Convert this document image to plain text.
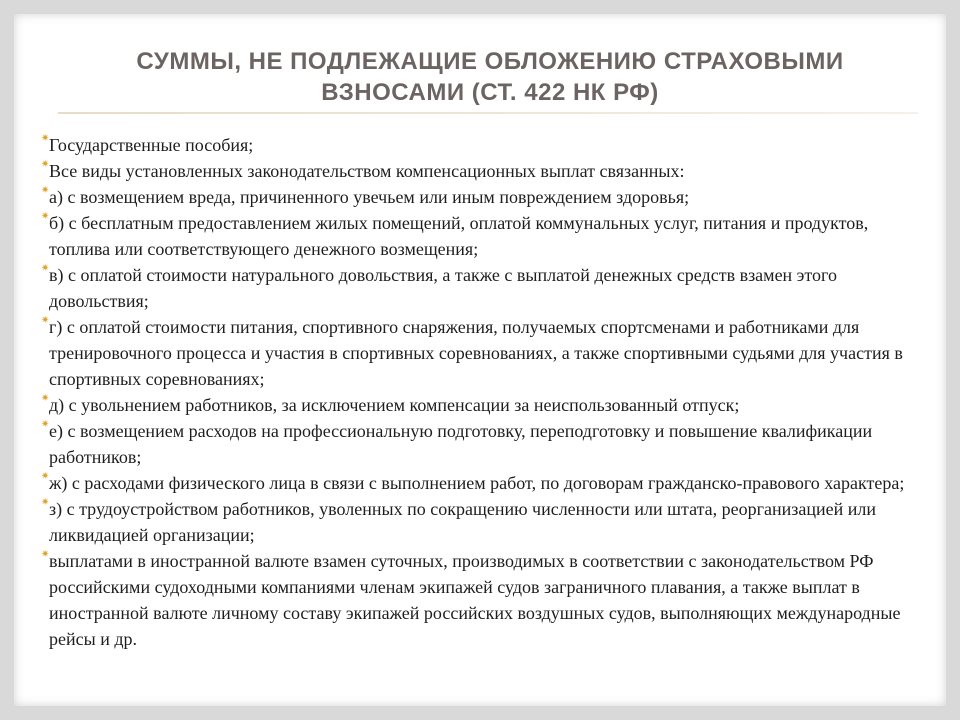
СУММЫ, НЕ ПОДЛЕЖАЩИЕ ОБЛОЖЕНИЮ СТРАХОВЫМИ
ВЗНОСАМИ (СТ. 422 НК РФ)
✷ Государственные пособия;
✷ Все виды установленных законодательством компенсационных выплат связанных:
✷ а) с возмещением вреда, причиненного увечьем или иным повреждением здоровья;
✷ б) с бесплатным предоставлением жилых помещений, оплатой коммунальных услуг, питания и продуктов, топлива или соответствующего денежного возмещения;
✷ в) с оплатой стоимости натурального довольствия, а также с выплатой денежных средств взамен этого довольствия;
✷ г) с оплатой стоимости питания, спортивного снаряжения, получаемых спортсменами и работниками для тренировочного процесса и участия в спортивных соревнованиях, а также спортивными судьями для участия в спортивных соревнованиях;
✷ д) с увольнением работников, за исключением компенсации за неиспользованный отпуск;
✷ е) с возмещением расходов на профессиональную подготовку, переподготовку и повышение квалификации работников;
✷ ж) с расходами физического лица в связи с выполнением работ, по договорам гражданско-правового характера;
✷ з) с трудоустройством работников, уволенных по сокращению численности или штата, реорганизацией или ликвидацией организации;
✷ выплатами в иностранной валюте взамен суточных, производимых в соответствии с законодательством РФ российскими судоходными компаниями членам экипажей судов заграничного плавания, а также выплат в иностранной валюте личному составу экипажей российских воздушных судов, выполняющих международные рейсы и др.
